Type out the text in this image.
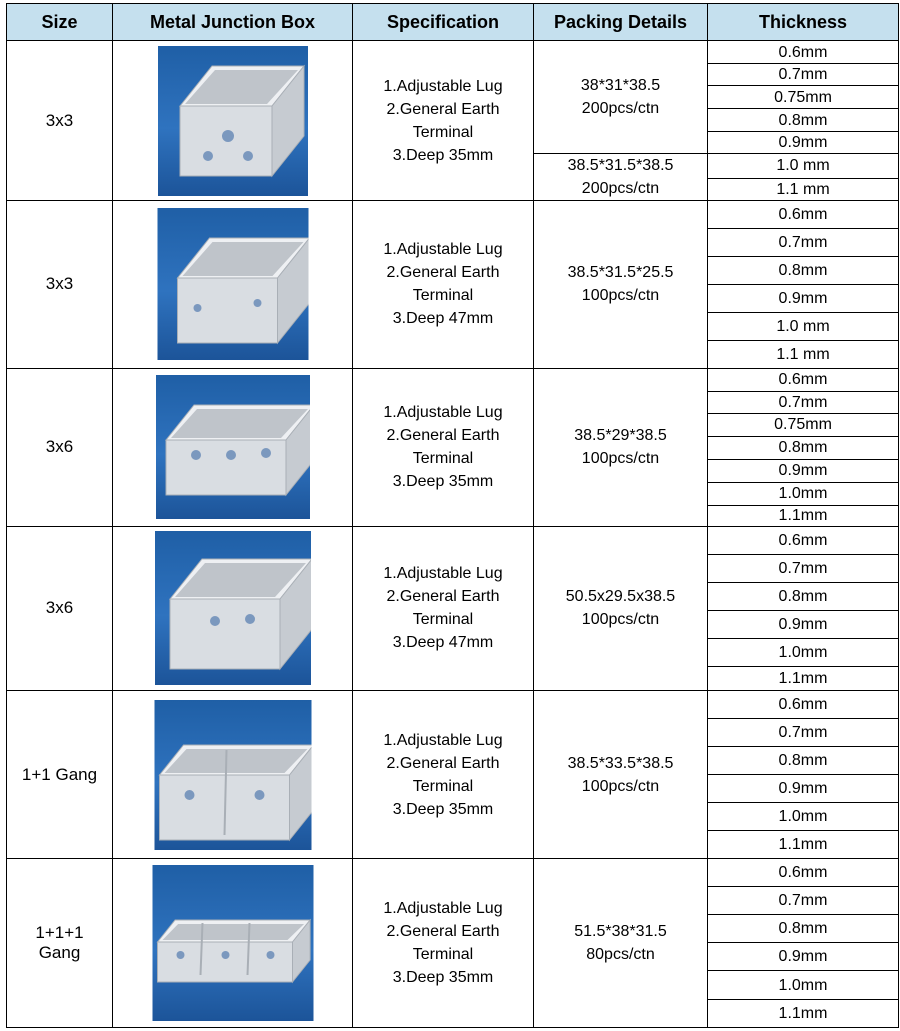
Size	Metal Junction Box	Specification	Packing Details	Thickness

3x3		1.Adjustable Lug
2.General Earth
Terminal
3.Deep 35mm	38*31*38.5
200pcs/ctn	0.6mm
				0.7mm
				0.75mm
				0.8mm
				0.9mm

			38.5*31.5*38.5
200pcs/ctn	1.0 mm
				1.1 mm

3x3		1.Adjustable Lug
2.General Earth
Terminal
3.Deep 47mm	38.5*31.5*25.5
100pcs/ctn	0.6mm
				0.7mm
				0.8mm
				0.9mm
				1.0 mm
				1.1 mm

3x6		1.Adjustable Lug
2.General Earth
Terminal
3.Deep 35mm	38.5*29*38.5
100pcs/ctn	0.6mm
				0.7mm
				0.75mm
				0.8mm
				0.9mm
				1.0mm
				1.1mm

3x6		1.Adjustable Lug
2.General Earth
Terminal
3.Deep 47mm	50.5x29.5x38.5
100pcs/ctn	0.6mm
				0.7mm
				0.8mm
				0.9mm
				1.0mm
				1.1mm

1+1 Gang		1.Adjustable Lug
2.General Earth
Terminal
3.Deep 35mm	38.5*33.5*38.5
100pcs/ctn	0.6mm
				0.7mm
				0.8mm
				0.9mm
				1.0mm
				1.1mm

1+1+1
Gang		1.Adjustable Lug
2.General Earth
Terminal
3.Deep 35mm	51.5*38*31.5
80pcs/ctn	0.6mm
				0.7mm
				0.8mm
				0.9mm
				1.0mm
				1.1mm
